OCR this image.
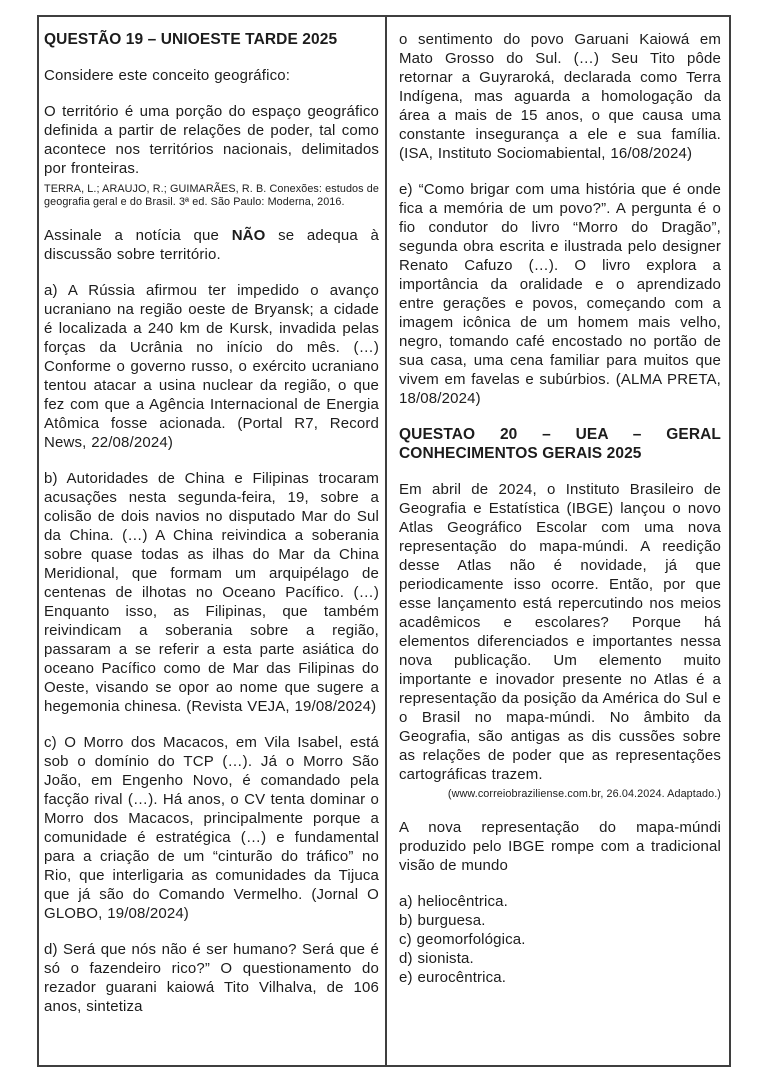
QUESTÃO 19 – UNIOESTE TARDE 2025

Considere este conceito geográfico:

O território é uma porção do espaço geográfico definida a partir de relações de poder, tal como acontece nos territórios nacionais, delimitados por fronteiras.

TERRA, L.; ARAUJO, R.; GUIMARÃES, R. B. Conexões: estudos de geografia geral e do Brasil. 3ª ed. São Paulo: Moderna, 2016.

Assinale a notícia que NÃO se adequa à discussão sobre território.

a) A Rússia afirmou ter impedido o avanço ucraniano na região oeste de Bryansk; a cidade é localizada a 240 km de Kursk, invadida pelas forças da Ucrânia no início do mês. (…) Conforme o governo russo, o exército ucraniano tentou atacar a usina nuclear da região, o que fez com que a Agência Internacional de Energia Atômica fosse acionada. (Portal R7, Record News, 22/08/2024)

b) Autoridades de China e Filipinas trocaram acusações nesta segunda-feira, 19, sobre a colisão de dois navios no disputado Mar do Sul da China. (…) A China reivindica a soberania sobre quase todas as ilhas do Mar da China Meridional, que formam um arquipélago de centenas de ilhotas no Oceano Pacífico. (…) Enquanto isso, as Filipinas, que também reivindicam a soberania sobre a região, passaram a se referir a esta parte asiática do oceano Pacífico como de Mar das Filipinas do Oeste, visando se opor ao nome que sugere a hegemonia chinesa. (Revista VEJA, 19/08/2024)

c) O Morro dos Macacos, em Vila Isabel, está sob o domínio do TCP (…). Já o Morro São João, em Engenho Novo, é comandado pela facção rival (…). Há anos, o CV tenta dominar o Morro dos Macacos, principalmente porque a comunidade é estratégica (…) e fundamental para a criação de um “cinturão do tráfico” no Rio, que interligaria as comunidades da Tijuca que já são do Comando Vermelho. (Jornal O GLOBO, 19/08/2024)

d) Será que nós não é ser humano? Será que é só o fazendeiro rico?” O questionamento do rezador guarani kaiowá Tito Vilhalva, de 106 anos, sintetiza

o sentimento do povo Garuani Kaiowá em Mato Grosso do Sul. (…) Seu Tito pôde retornar a Guyraroká, declarada como Terra Indígena, mas aguarda a homologação da área a mais de 15 anos, o que causa uma constante insegurança a ele e sua família. (ISA, Instituto Sociomabiental, 16/08/2024)

e) “Como brigar com uma história que é onde fica a memória de um povo?”. A pergunta é o fio condutor do livro “Morro do Dragão”, segunda obra escrita e ilustrada pelo designer Renato Cafuzo (…). O livro explora a importância da oralidade e o aprendizado entre gerações e povos, começando com a imagem icônica de um homem mais velho, negro, tomando café encostado no portão de sua casa, uma cena familiar para muitos que vivem em favelas e subúrbios. (ALMA PRETA, 18/08/2024)

QUESTAO 20 – UEA – GERAL CONHECIMENTOS GERAIS 2025

Em abril de 2024, o Instituto Brasileiro de Geografia e Estatística (IBGE) lançou o novo Atlas Geográfico Escolar com uma nova representação do mapa-múndi. A reedição desse Atlas não é novidade, já que periodicamente isso ocorre. Então, por que esse lançamento está repercutindo nos meios acadêmicos e escolares? Porque há elementos diferenciados e importantes nessa nova publicação. Um elemento muito importante e inovador presente no Atlas é a representação da posição da América do Sul e o Brasil no mapa-múndi. No âmbito da Geografia, são antigas as dis cussões sobre as relações de poder que as representações cartográficas trazem.

(www.correiobraziliense.com.br, 26.04.2024. Adaptado.)

A nova representação do mapa-múndi produzido pelo IBGE rompe com a tradicional visão de mundo

a) heliocêntrica.

b) burguesa.

c) geomorfológica.

d) sionista.

e) eurocêntrica.
